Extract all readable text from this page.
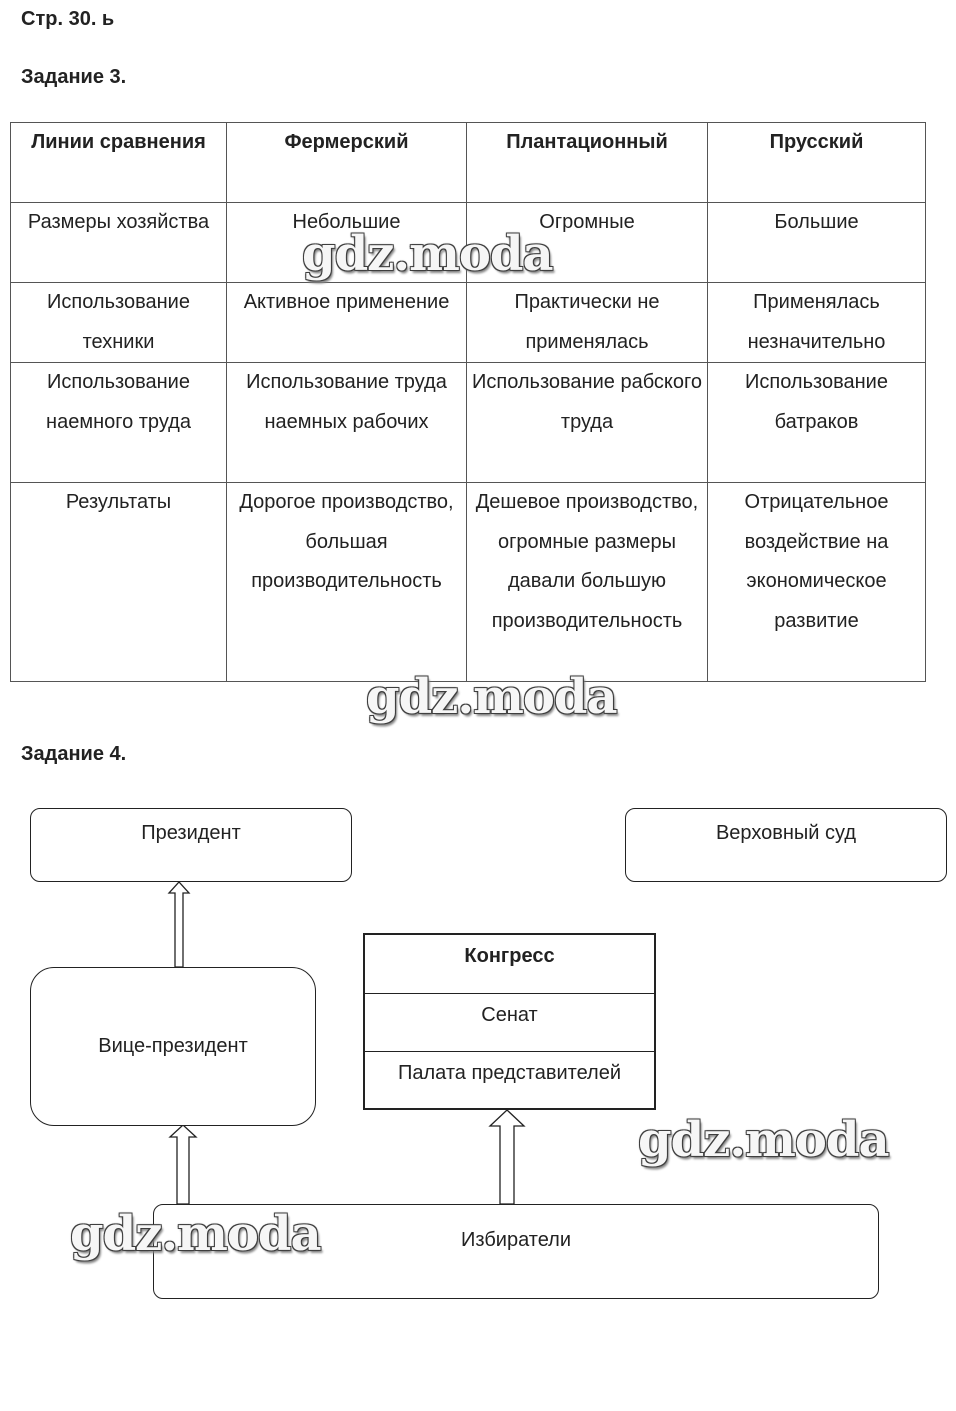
Стр. 30. ь
Задание 3.
Линии сравнения	Фермерский	Плантационный	Прусский
Размеры хозяйства	Небольшие	Огромные	Большие
Использование техники	Активное применение	Практически не применялась	Применялась незначительно
Использование наемного труда	Использование труда наемных рабочих	Использование рабского труда	Использование батраков
Результаты	Дорогое производство, большая производительность	Дешевое производство, огромные размеры давали большую производительность	Отрицательное воздействие на экономическое развитие
Задание 4.
Президент	Верховный суд
Вице-президент
Конгресс
Сенат
Палата представителей
Избиратели
gdz.moda
gdz.moda
gdz.moda
gdz.moda
